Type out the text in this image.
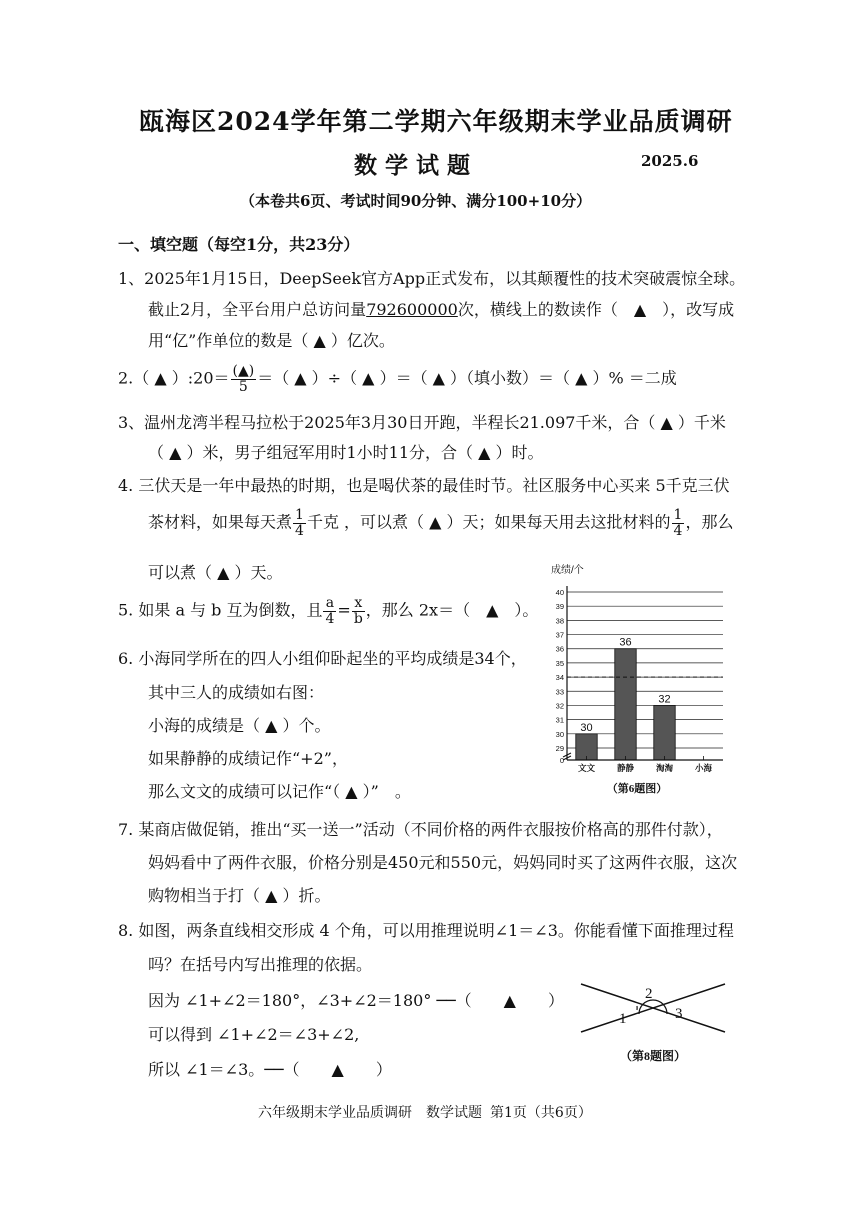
瓯海区2024学年第二学期六年级期末学业品质调研
数学试题	2025.6
（本卷共6页、考试时间90分钟、满分100+10分）
一、填空题（每空1分，共23分）
1、2025年1月15日，DeepSeek官方App正式发布，以其颠覆性的技术突破震惊全球。
截止2月，全平台用户总访问量792600000次，横线上的数读作（　▲　），改写成
用“亿”作单位的数是（ ▲ ）亿次。
2.（ ▲ ）:20＝ $\frac{(▲)}{5}$ ＝（ ▲ ）÷（ ▲ ）＝（ ▲ ）（填小数）＝（ ▲ ）% ＝二成
3、温州龙湾半程马拉松于2025年3月30日开跑，半程长21.097千米，合（ ▲ ）千米
（ ▲ ）米，男子组冠军用时1小时11分，合（ ▲ ）时。
4. 三伏天是一年中最热的时期，也是喝伏茶的最佳时节。社区服务中心买来 5千克三伏
茶材料，如果每天煮 $\frac{1}{4}$ 千克 ，可以煮（ ▲ ）天；如果每天用去这批材料的 $\frac{1}{4}$ ，那么
可以煮（ ▲ ）天。
5. 如果 a 与 b 互为倒数，且 $\frac{a}{4} = \frac{x}{b}$ ，那么 2x＝（　▲　）。
6. 小海同学所在的四人小组仰卧起坐的平均成绩是34个，
其中三人的成绩如右图：
小海的成绩是（ ▲ ）个。
如果静静的成绩记作“+2”，
那么文文的成绩可以记作“（ ▲ ）”　。
成绩/个
0
29
30
31
32
33
34
35
36
37
38
39
40
30
36
32
文文	静静	淘淘	小海
（第6题图）
7. 某商店做促销，推出“买一送一”活动（不同价格的两件衣服按价格高的那件付款），
妈妈看中了两件衣服，价格分别是450元和550元，妈妈同时买了这两件衣服，这次
购物相当于打（ ▲ ）折。
8. 如图，两条直线相交形成 4 个角，可以用推理说明∠1＝∠3。你能看懂下面推理过程
吗？在括号内写出推理的依据。
因为 ∠1+∠2＝180°，∠3+∠2＝180° ──（　　▲　　）
可以得到 ∠1+∠2＝∠3+∠2,
所以 ∠1＝∠3。──（　　▲　　）
2
1	3
（第8题图）
六年级期末学业品质调研　数学试题 第1页（共6页）
